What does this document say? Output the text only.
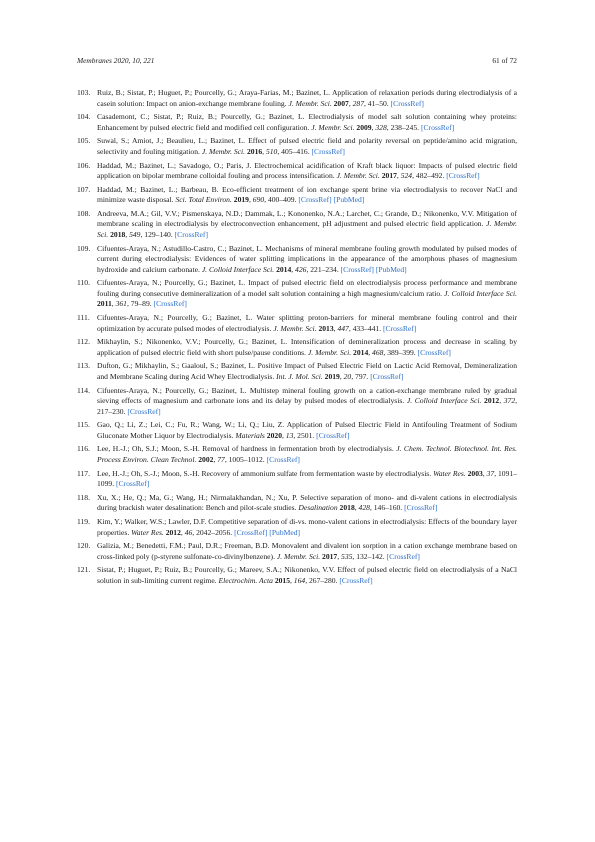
Membranes 2020, 10, 221	61 of 72
103. Ruiz, B.; Sistat, P.; Huguet, P.; Pourcelly, G.; Araya-Farias, M.; Bazinet, L. Application of relaxation periods during electrodialysis of a casein solution: Impact on anion-exchange membrane fouling. J. Membr. Sci. 2007, 287, 41–50. [CrossRef]
104. Casademont, C.; Sistat, P.; Ruiz, B.; Pourcelly, G.; Bazinet, L. Electrodialysis of model salt solution containing whey proteins: Enhancement by pulsed electric field and modified cell configuration. J. Membr. Sci. 2009, 328, 238–245. [CrossRef]
105. Suwal, S.; Amiot, J.; Beaulieu, L.; Bazinet, L. Effect of pulsed electric field and polarity reversal on peptide/amino acid migration, selectivity and fouling mitigation. J. Membr. Sci. 2016, 510, 405–416. [CrossRef]
106. Haddad, M.; Bazinet, L.; Savadogo, O.; Paris, J. Electrochemical acidification of Kraft black liquor: Impacts of pulsed electric field application on bipolar membrane colloidal fouling and process intensification. J. Membr. Sci. 2017, 524, 482–492. [CrossRef]
107. Haddad, M.; Bazinet, L.; Barbeau, B. Eco-efficient treatment of ion exchange spent brine via electrodialysis to recover NaCl and minimize waste disposal. Sci. Total Environ. 2019, 690, 400–409. [CrossRef] [PubMed]
108. Andreeva, M.A.; Gil, V.V.; Pismenskaya, N.D.; Dammak, L.; Kononenko, N.A.; Larchet, C.; Grande, D.; Nikonenko, V.V. Mitigation of membrane scaling in electrodialysis by electroconvection enhancement, pH adjustment and pulsed electric field application. J. Membr. Sci. 2018, 549, 129–140. [CrossRef]
109. Cifuentes-Araya, N.; Astudillo-Castro, C.; Bazinet, L. Mechanisms of mineral membrane fouling growth modulated by pulsed modes of current during electrodialysis: Evidences of water splitting implications in the appearance of the amorphous phases of magnesium hydroxide and calcium carbonate. J. Colloid Interface Sci. 2014, 426, 221–234. [CrossRef] [PubMed]
110. Cifuentes-Araya, N.; Pourcelly, G.; Bazinet, L. Impact of pulsed electric field on electrodialysis process performance and membrane fouling during consecutive demineralization of a model salt solution containing a high magnesium/calcium ratio. J. Colloid Interface Sci. 2011, 361, 79–89. [CrossRef]
111. Cifuentes-Araya, N.; Pourcelly, G.; Bazinet, L. Water splitting proton-barriers for mineral membrane fouling control and their optimization by accurate pulsed modes of electrodialysis. J. Membr. Sci. 2013, 447, 433–441. [CrossRef]
112. Mikhaylin, S.; Nikonenko, V.V.; Pourcelly, G.; Bazinet, L. Intensification of demineralization process and decrease in scaling by application of pulsed electric field with short pulse/pause conditions. J. Membr. Sci. 2014, 468, 389–399. [CrossRef]
113. Dufton, G.; Mikhaylin, S.; Gaaloul, S.; Bazinet, L. Positive Impact of Pulsed Electric Field on Lactic Acid Removal, Demineralization and Membrane Scaling during Acid Whey Electrodialysis. Int. J. Mol. Sci. 2019, 20, 797. [CrossRef]
114. Cifuentes-Araya, N.; Pourcelly, G.; Bazinet, L. Multistep mineral fouling growth on a cation-exchange membrane ruled by gradual sieving effects of magnesium and carbonate ions and its delay by pulsed modes of electrodialysis. J. Colloid Interface Sci. 2012, 372, 217–230. [CrossRef]
115. Gao, Q.; Li, Z.; Lei, C.; Fu, R.; Wang, W.; Li, Q.; Liu, Z. Application of Pulsed Electric Field in Antifouling Treatment of Sodium Gluconate Mother Liquor by Electrodialysis. Materials 2020, 13, 2501. [CrossRef]
116. Lee, H.-J.; Oh, S.J.; Moon, S.-H. Removal of hardness in fermentation broth by electrodialysis. J. Chem. Technol. Biotechnol. Int. Res. Process Environ. Clean Technol. 2002, 77, 1005–1012. [CrossRef]
117. Lee, H.-J.; Oh, S.-J.; Moon, S.-H. Recovery of ammonium sulfate from fermentation waste by electrodialysis. Water Res. 2003, 37, 1091–1099. [CrossRef]
118. Xu, X.; He, Q.; Ma, G.; Wang, H.; Nirmalakhandan, N.; Xu, P. Selective separation of mono- and di-valent cations in electrodialysis during brackish water desalination: Bench and pilot-scale studies. Desalination 2018, 428, 146–160. [CrossRef]
119. Kim, Y.; Walker, W.S.; Lawler, D.F. Competitive separation of di-vs. mono-valent cations in electrodialysis: Effects of the boundary layer properties. Water Res. 2012, 46, 2042–2056. [CrossRef] [PubMed]
120. Galizia, M.; Benedetti, F.M.; Paul, D.R.; Freeman, B.D. Monovalent and divalent ion sorption in a cation exchange membrane based on cross-linked poly (p-styrene sulfonate-co-divinylbenzene). J. Membr. Sci. 2017, 535, 132–142. [CrossRef]
121. Sistat, P.; Huguet, P.; Ruiz, B.; Pourcelly, G.; Mareev, S.A.; Nikonenko, V.V. Effect of pulsed electric field on electrodialysis of a NaCl solution in sub-limiting current regime. Electrochim. Acta 2015, 164, 267–280. [CrossRef]
